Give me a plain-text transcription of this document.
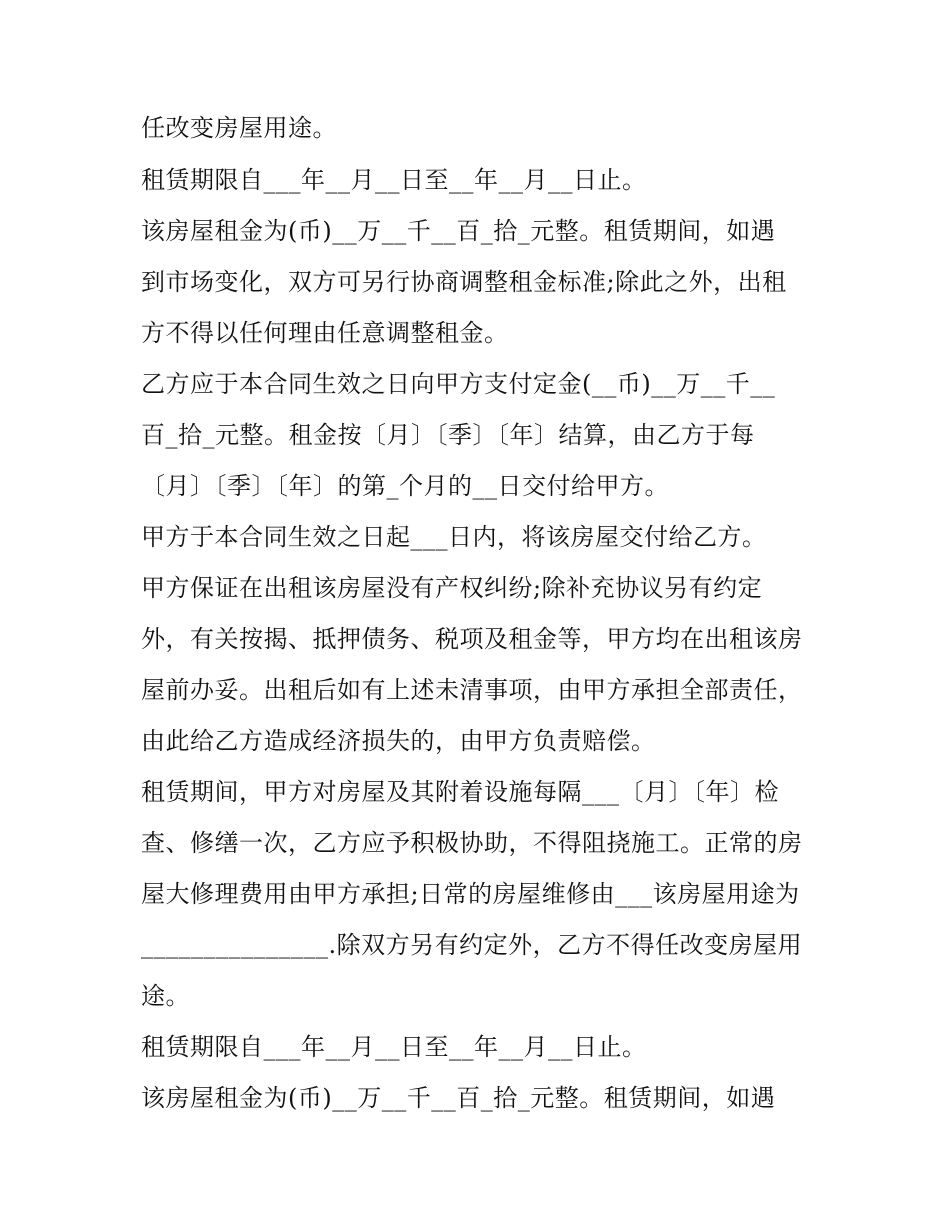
任改变房屋用途。
租赁期限自___年__月__日至__年__月__日止。
该房屋租金为(币)__万__千__百_拾_元整。租赁期间，如遇
到市场变化，双方可另行协商调整租金标准;除此之外，出租
方不得以任何理由任意调整租金。
乙方应于本合同生效之日向甲方支付定金(__币)__万__千__
百_拾_元整。租金按〔月〕〔季〕〔年〕结算，由乙方于每
〔月〕〔季〕〔年〕的第_个月的__日交付给甲方。
甲方于本合同生效之日起___日内，将该房屋交付给乙方。
甲方保证在出租该房屋没有产权纠纷;除补充协议另有约定
外，有关按揭、抵押债务、税项及租金等，甲方均在出租该房
屋前办妥。出租后如有上述未清事项，由甲方承担全部责任，
由此给乙方造成经济损失的，由甲方负责赔偿。
租赁期间，甲方对房屋及其附着设施每隔___〔月〕〔年〕检
查、修缮一次，乙方应予积极协助，不得阻挠施工。正常的房
屋大修理费用由甲方承担;日常的房屋维修由___该房屋用途为
_______________.除双方另有约定外，乙方不得任改变房屋用
途。
租赁期限自___年__月__日至__年__月__日止。
该房屋租金为(币)__万__千__百_拾_元整。租赁期间，如遇
